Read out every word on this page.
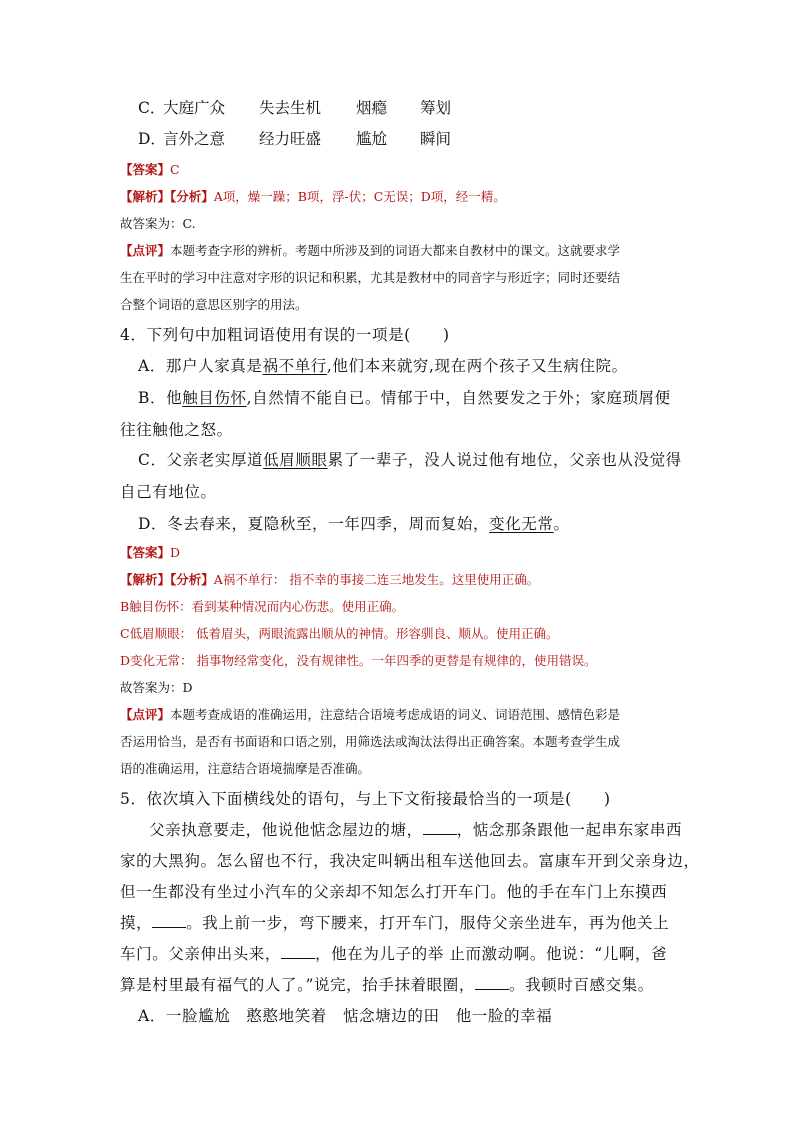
C．
大庭广众 失去生机 烟瘾 筹划
D．
言外之意 经力旺盛 尴尬 瞬间
【答案】C
【解析】【分析】A项，燥一躁；B项，浮-伏；C无误；D项，经一精。
故答案为：C.
【点评】本题考查字形的辨析。考题中所涉及到的词语大都来自教材中的课文。这就要求学
生在平时的学习中注意对字形的识记和积累，尤其是教材中的同音字与形近字；同时还要结
合整个词语的意思区别字的用法。
4．下列句中加粗词语使用有误的一项是(　　)
A．那户人家真是祸不单行,他们本来就穷,现在两个孩子又生病住院。
B．他触目伤怀,自然情不能自已。情郁于中，自然要发之于外；家庭琐屑便
往往触他之怒。
C．父亲老实厚道低眉顺眼累了一辈子，没人说过他有地位，父亲也从没觉得
自己有地位。
D．冬去春来，夏隐秋至，一年四季，周而复始，变化无常。
【答案】D
【解析】【分析】A祸不单行： 指不幸的事接二连三地发生。这里使用正确。
B触目伤怀：看到某种情况而内心伤悲。使用正确。
C低眉顺眼： 低着眉头，两眼流露出顺从的神情。形容驯良、顺从。使用正确。
D变化无常： 指事物经常变化，没有规律性。一年四季的更替是有规律的，使用错误。
故答案为：D
【点评】本题考查成语的准确运用，注意结合语境考虑成语的词义、词语范围、感情色彩是
否运用恰当，是否有书面语和口语之别，用筛选法或淘汰法得出正确答案。本题考查学生成
语的准确运用，注意结合语境揣摩是否准确。
5．依次填入下面横线处的语句，与上下文衔接最恰当的一项是(　　)
父亲执意要走，他说他惦念屋边的塘， ，惦念那条跟他一起串东家串西
家的大黑狗。怎么留也不行，我决定叫辆出租车送他回去。富康车开到父亲身边，
但一生都没有坐过小汽车的父亲却不知怎么打开车门。他的手在车门上东摸西
摸， 。我上前一步，弯下腰来，打开车门，服侍父亲坐进车，再为他关上
车门。父亲伸出头来， ，他在为儿子的举 止而激动啊。他说：“儿啊，爸
算是村里最有福气的人了。”说完，抬手抹着眼圈， 。我顿时百感交集。
A．一脸尴尬　憨憨地笑着　惦念塘边的田　他一脸的幸福
